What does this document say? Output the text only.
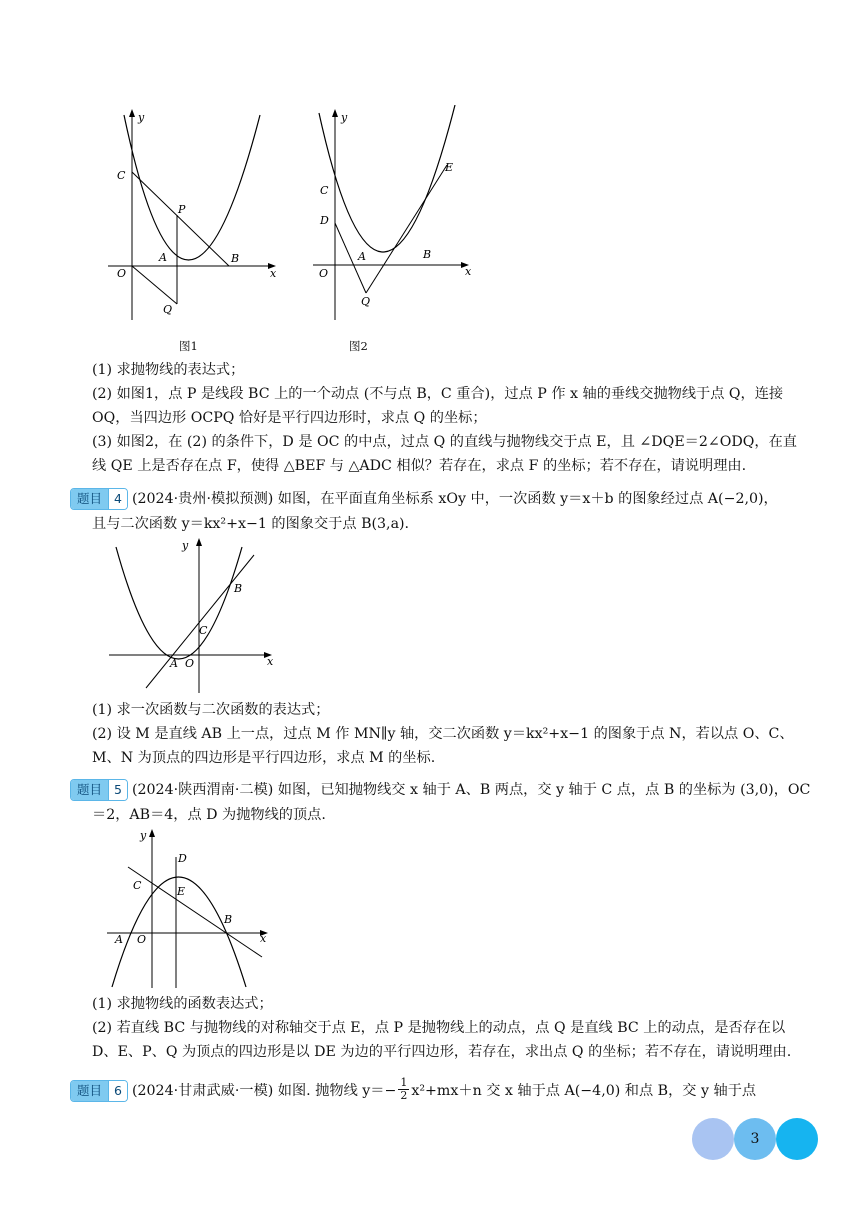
y
C
P
A	B
O	x
Q
图1
y
C
D
E
A	B
O	x
Q
图2
(1) 求抛物线的表达式；
(2) 如图1，点 P 是线段 BC 上的一个动点 (不与点 B，C 重合)，过点 P 作 x 轴的垂线交抛物线于点 Q，连接
OQ，当四边形 OCPQ 恰好是平行四边形时，求点 Q 的坐标；
(3) 如图2，在 (2) 的条件下，D 是 OC 的中点，过点 Q 的直线与抛物线交于点 E，且 ∠DQE＝2∠ODQ，在直
线 QE 上是否存在点 F，使得 △BEF 与 △ADC 相似？若存在，求点 F 的坐标；若不存在，请说明理由.
题目 4 (2024·贵州·模拟预测) 如图，在平面直角坐标系 xOy 中，一次函数 y＝x＋b 的图象经过点 A(−2,0)，
且与二次函数 y＝kx²+x−1 的图象交于点 B(3,a).
y
B
C
A O	x
(1) 求一次函数与二次函数的表达式；
(2) 设 M 是直线 AB 上一点，过点 M 作 MN∥y 轴，交二次函数 y＝kx²+x−1 的图象于点 N，若以点 O、C、
M、N 为顶点的四边形是平行四边形，求点 M 的坐标.
题目 5 (2024·陕西渭南·二模) 如图，已知抛物线交 x 轴于 A、B 两点，交 y 轴于 C 点，点 B 的坐标为 (3,0)，OC
＝2，AB＝4，点 D 为抛物线的顶点.
y
D
C	E
B
A O	x
(1) 求抛物线的函数表达式；
(2) 若直线 BC 与抛物线的对称轴交于点 E，点 P 是抛物线上的动点，点 Q 是直线 BC 上的动点，是否存在以
D、E、P、Q 为顶点的四边形是以 DE 为边的平行四边形，若存在，求出点 Q 的坐标；若不存在，请说明理由.
题目 6 (2024·甘肃武威·一模) 如图. 抛物线 $y=- \frac{1}{2} x^2+mx+n$ 交 x 轴于点 A(−4,0) 和点 B，交 y 轴于点
3
